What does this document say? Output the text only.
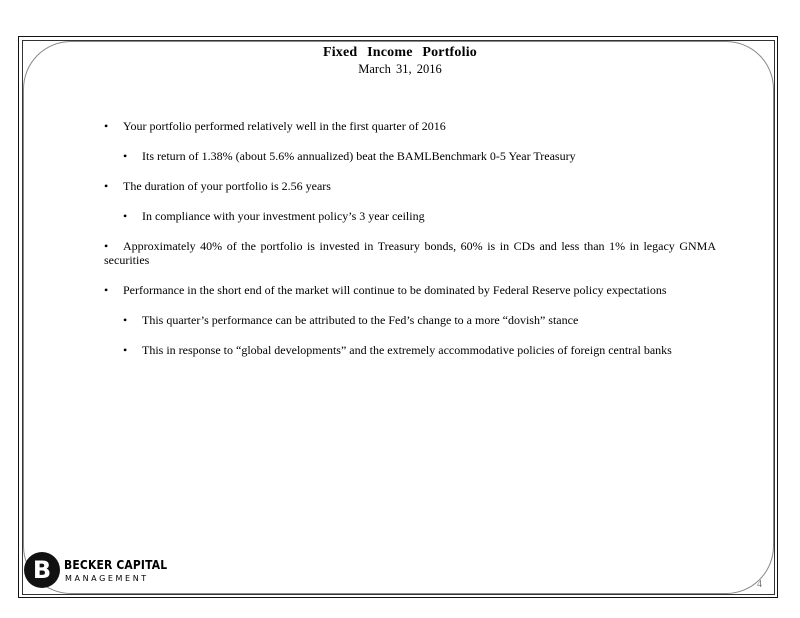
Fixed Income Portfolio
March 31, 2016
•	Your portfolio performed relatively well in the first quarter of 2016
•	Its return of 1.38% (about 5.6% annualized) beat the BAMLBenchmark 0-5 Year Treasury
•	The duration of your portfolio is 2.56 years
•	In compliance with your investment policy’s 3 year ceiling
•	Approximately 40% of the portfolio is invested in Treasury bonds, 60% is in CDs and less than 1% in legacy GNMA securities
•	Performance in the short end of the market will continue to be dominated by Federal Reserve policy expectations
•	This quarter’s performance can be attributed to the Fed’s change to a more “dovish” stance
•	This in response to “global developments” and the extremely accommodative policies of foreign central banks
B	BECKER CAPITAL
MANAGEMENT
4
